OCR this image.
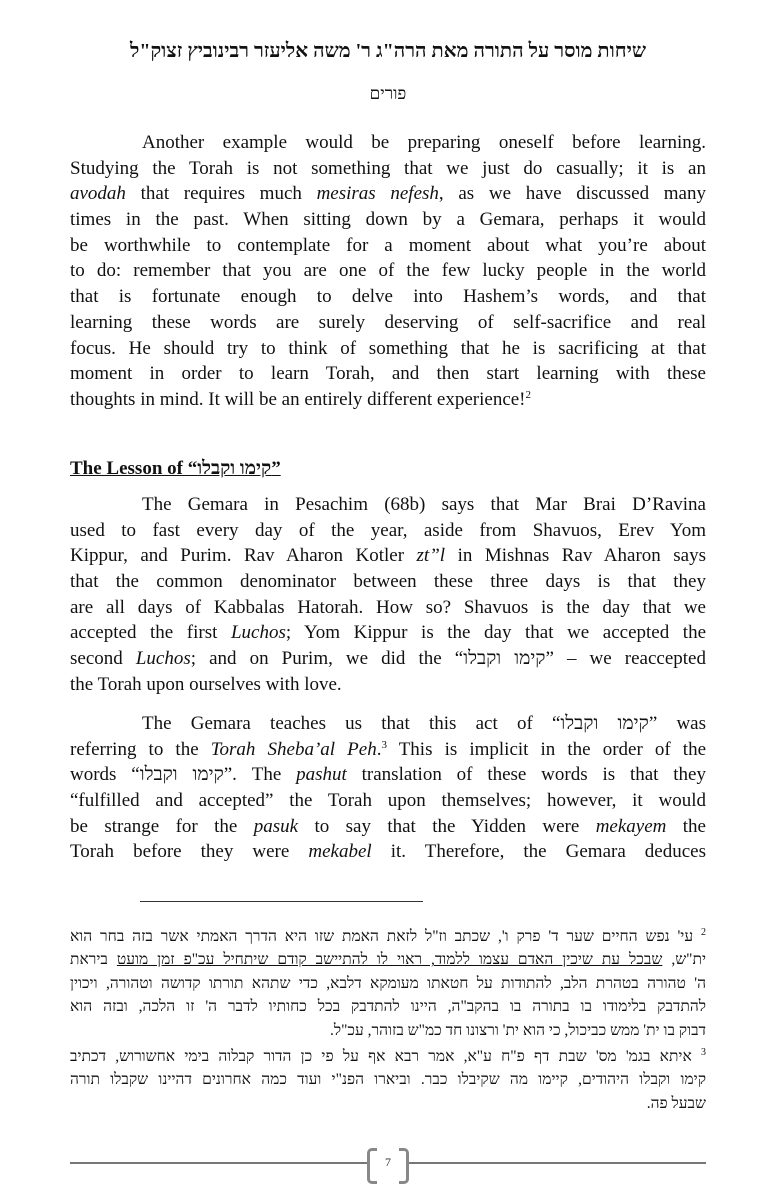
שיחות מוסר על התורה מאת הרה"ג ר' משה אליעזר רבינוביץ זצוק"ל
פורים
Another example would be preparing oneself before learning.
Studying the Torah is not something that we just do casually; it is an
avodah that requires much mesiras nefesh, as we have discussed many
times in the past. When sitting down by a Gemara, perhaps it would
be worthwhile to contemplate for a moment about what you’re about
to do: remember that you are one of the few lucky people in the world
that is fortunate enough to delve into Hashem’s words, and that
learning these words are surely deserving of self-sacrifice and real
focus. He should try to think of something that he is sacrificing at that
moment in order to learn Torah, and then start learning with these
thoughts in mind. It will be an entirely different experience!$^2$
The Lesson of “קימו וקבלו”
The Gemara in Pesachim (68b) says that Mar Brai D’Ravina
used to fast every day of the year, aside from Shavuos, Erev Yom
Kippur, and Purim. Rav Aharon Kotler zt”l in Mishnas Rav Aharon says
that the common denominator between these three days is that they
are all days of Kabbalas Hatorah. How so? Shavuos is the day that we
accepted the first Luchos; Yom Kippur is the day that we accepted the
second Luchos; and on Purim, we did the “קימו וקבלו” – we reaccepted
the Torah upon ourselves with love.
The Gemara teaches us that this act of “קימו וקבלו” was
referring to the Torah Sheba’al Peh.$^3$ This is implicit in the order of the
words “קימו וקבלו”. The pashut translation of these words is that they
“fulfilled and accepted” the Torah upon themselves; however, it would
be strange for the pasuk to say that the Yidden were mekayem the
Torah before they were mekabel it. Therefore, the Gemara deduces
$^2$ עי' נפש החיים שער ד' פרק ו', שכתב וז"ל לזאת האמת שזו היא הדרך האמתי אשר בזה בחר הוא
ית"ש, שבכל עת שיכין האדם עצמו ללמוד, ראוי לו להתיישב קודם שיתחיל עכ"פ זמן מועט ביראת
ה' טהורה בטהרת הלב, להתודות על חטאתו מעומקא דלבא, כדי שתהא תורתו קדושה וטהורה, ויכוין
להתדבק בלימודו בו בתורה בו בהקב"ה, היינו להתדבק בכל כחותיו לדבר ה' זו הלכה, ובזה הוא
דבוק בו ית' ממש כביכול, כי הוא ית' ורצונו חד כמ"ש בזוהר, עכ"ל.
$^3$ איתא בגמ' מס' שבת דף פ"ח ע"א, אמר רבא אף על פי כן הדור קבלוה בימי אחשורוש, דכתיב
קימו וקבלו היהודים, קיימו מה שקיבלו כבר. וביארו הפנ"י ועוד כמה אחרונים דהיינו שקבלו תורה
שבעל פה.
7
